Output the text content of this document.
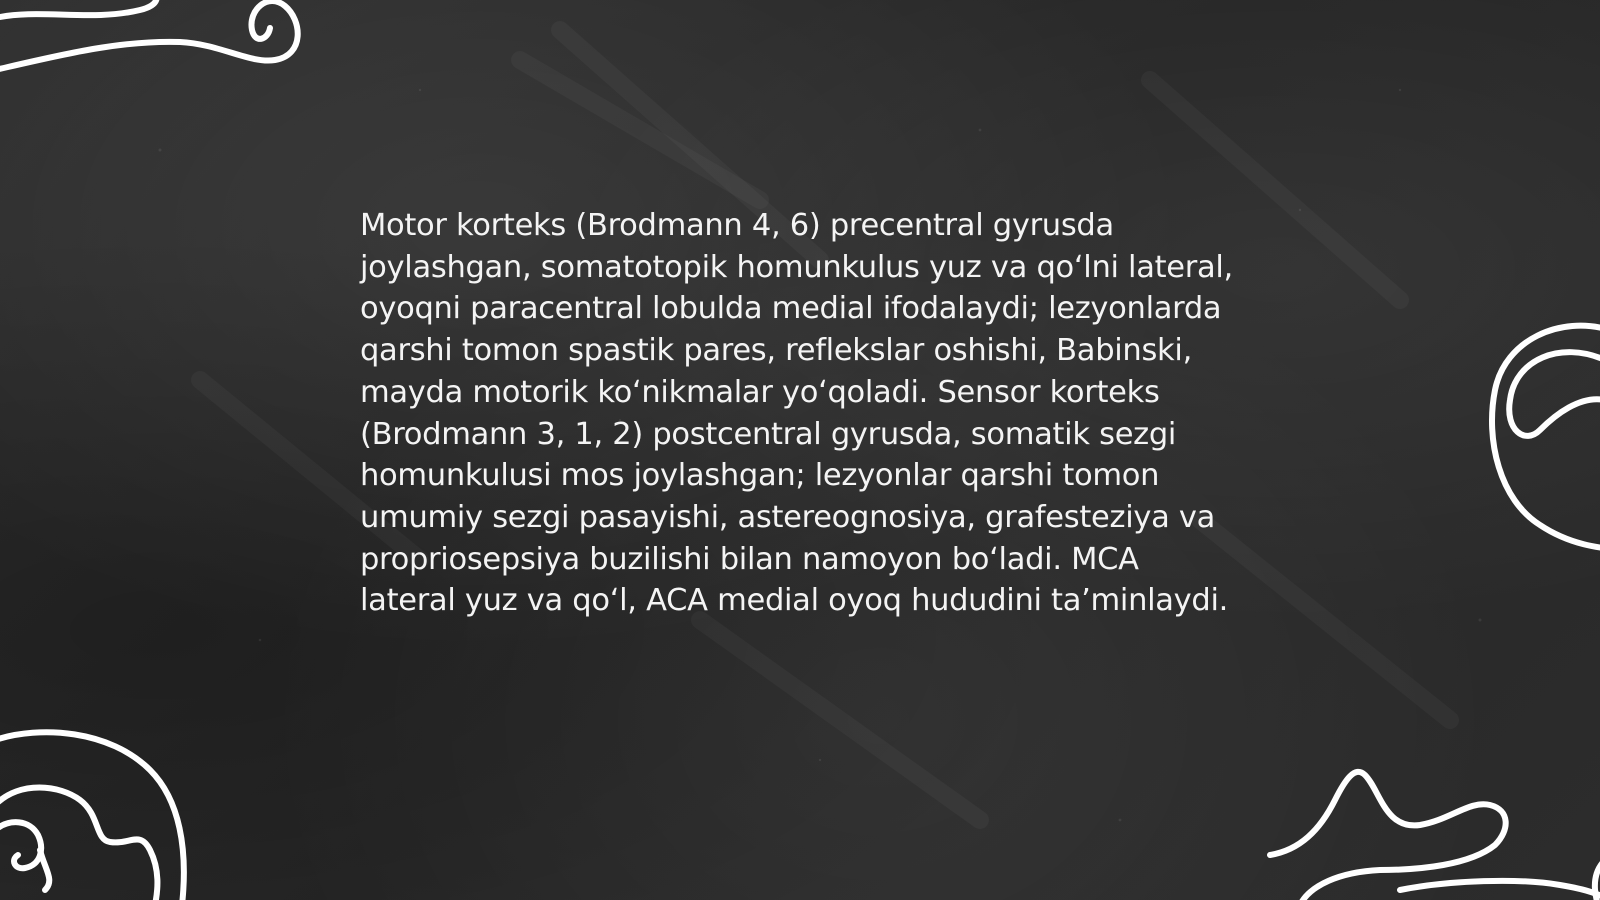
Motor korteks (Brodmann 4, 6) precentral gyrusda joylashgan, somatotopik homunkulus yuz va qo‘lni lateral, oyoqni paracentral lobulda medial ifodalaydi; lezyonlarda qarshi tomon spastik pares, reflekslar oshishi, Babinski, mayda motorik ko‘nikmalar yo‘qoladi. Sensor korteks (Brodmann 3, 1, 2) postcentral gyrusda, somatik sezgi homunkulusi mos joylashgan; lezyonlar qarshi tomon umumiy sezgi pasayishi, astereognosiya, grafesteziya va propriosepsiya buzilishi bilan namoyon bo‘ladi. MCA lateral yuz va qo‘l, ACA medial oyoq hududini ta’minlaydi.
